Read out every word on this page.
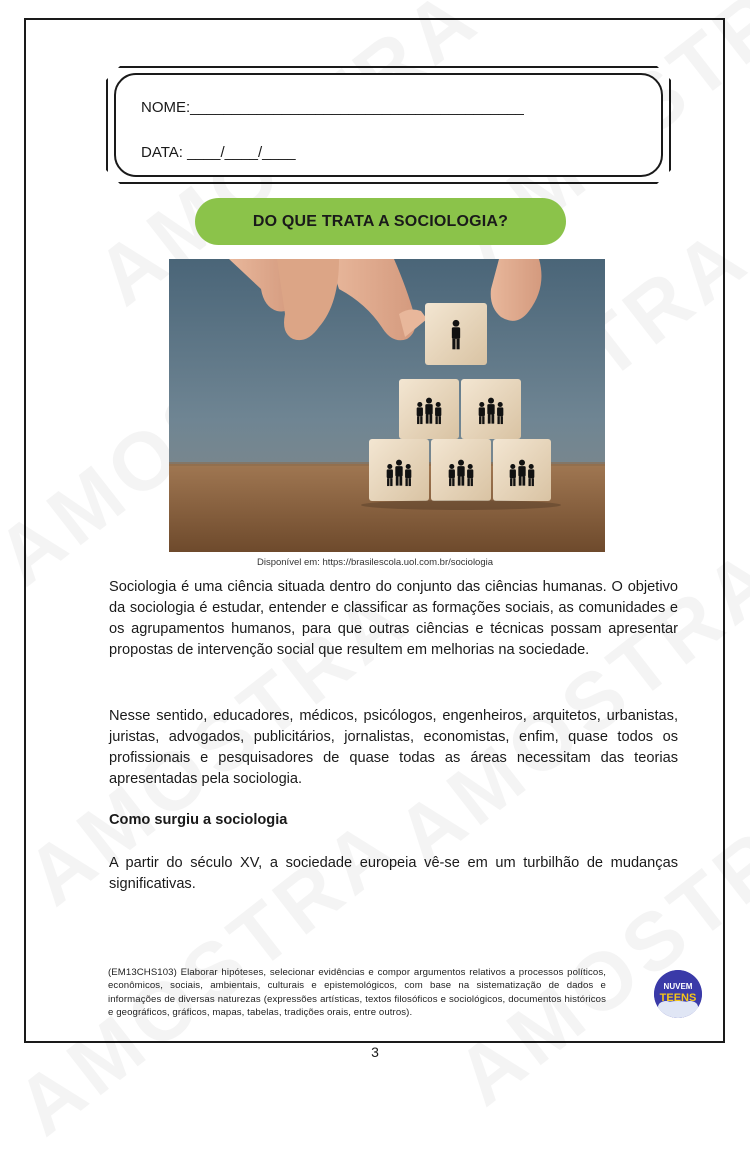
NOME:________________________________________
DATA: ____/____/____
DO QUE TRATA A SOCIOLOGIA?
Disponível em: https://brasilescola.uol.com.br/sociologia
Sociologia é uma ciência situada dentro do conjunto das ciências humanas. O objetivo da sociologia é estudar, entender e classificar as formações sociais, as comunidades e os agrupamentos humanos, para que outras ciências e técnicas possam apresentar propostas de intervenção social que resultem em melhorias na sociedade.
Nesse sentido, educadores, médicos, psicólogos, engenheiros, arquitetos, urbanistas, juristas, advogados, publicitários, jornalistas, economistas, enfim, quase todos os profissionais e pesquisadores de quase todas as áreas necessitam das teorias apresentadas pela sociologia.
Como surgiu a sociologia
A partir do século XV, a sociedade europeia vê-se em um turbilhão de mudanças significativas.
(EM13CHS103) Elaborar hipóteses, selecionar evidências e compor argumentos relativos a processos políticos, econômicos, sociais, ambientais, culturais e epistemológicos, com base na sistematização de dados e informações de diversas naturezas (expressões artísticas, textos filosóficos e sociológicos, documentos históricos e geográficos, gráficos, mapas, tabelas, tradições orais, entre outros).
NUVEM
TEENS
3
